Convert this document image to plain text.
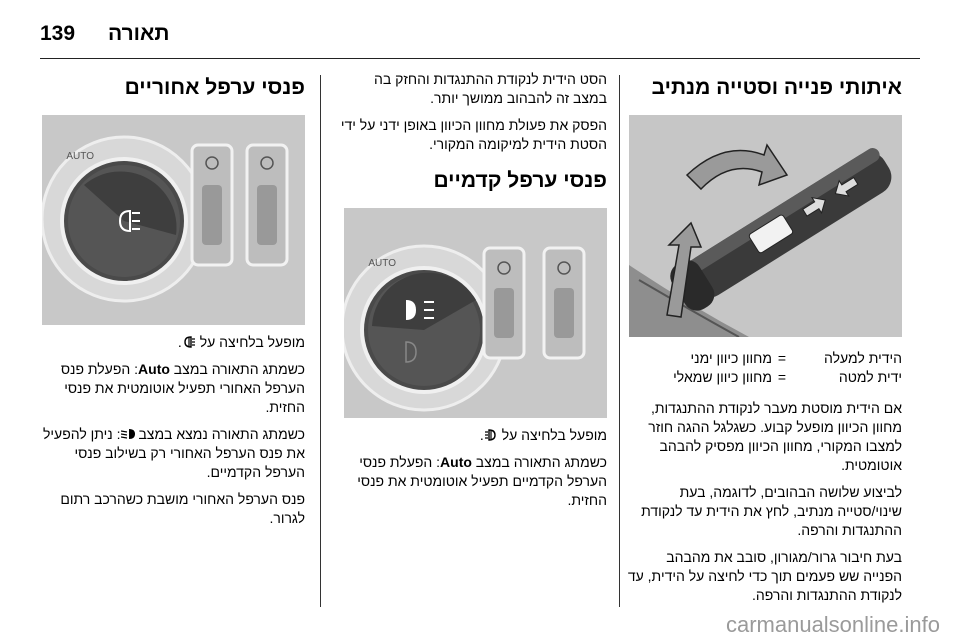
139 תאורה
איתותי פנייה וסטייה מנתיב
הידית למעלה
=
מחוון כיוון ימני
ידית למטה
=
מחוון כיוון שמאלי

אם הידית מוסטת מעבר לנקודת ההתנגדות, מחוון הכיוון מופעל קבוע. כשגלגל ההגה חוזר למצבו המקורי, מחוון הכיוון מפסיק להבהב אוטומטית.

לביצוע שלושה הבהובים, לדוגמה, בעת שינוי/סטייה מנתיב, לחץ את הידית עד לנקודת ההתנגדות והרפה.

בעת חיבור גרור/מגורון, סובב את מהבהב הפנייה שש פעמים תוך כדי לחיצה על הידית, עד לנקודת ההתנגדות והרפה.

הסט הידית לנקודת ההתנגדות והחזק בה במצב זה להבהוב ממושך יותר.

הפסק את פעולת מחוון הכיוון באופן ידני על ידי הסטת הידית למיקומה המקורי.

פנסי ערפל קדמיים
AUTO

מופעל בלחיצה על .

כשמתג התאורה במצב Auto: הפעלת פנסי הערפל הקדמיים תפעיל אוטומטית את פנסי החזית.

פנסי ערפל אחוריים
AUTO

מופעל בלחיצה על .

כשמתג התאורה במצב Auto: הפעלת פנס הערפל האחורי תפעיל אוטומטית את פנסי החזית.

כשמתג התאורה נמצא במצב : ניתן להפעיל את פנס הערפל האחורי רק בשילוב פנסי הערפל הקדמיים.

פנס הערפל האחורי מושבת כשהרכב רתום לגרור.

carmanualsonline.info
